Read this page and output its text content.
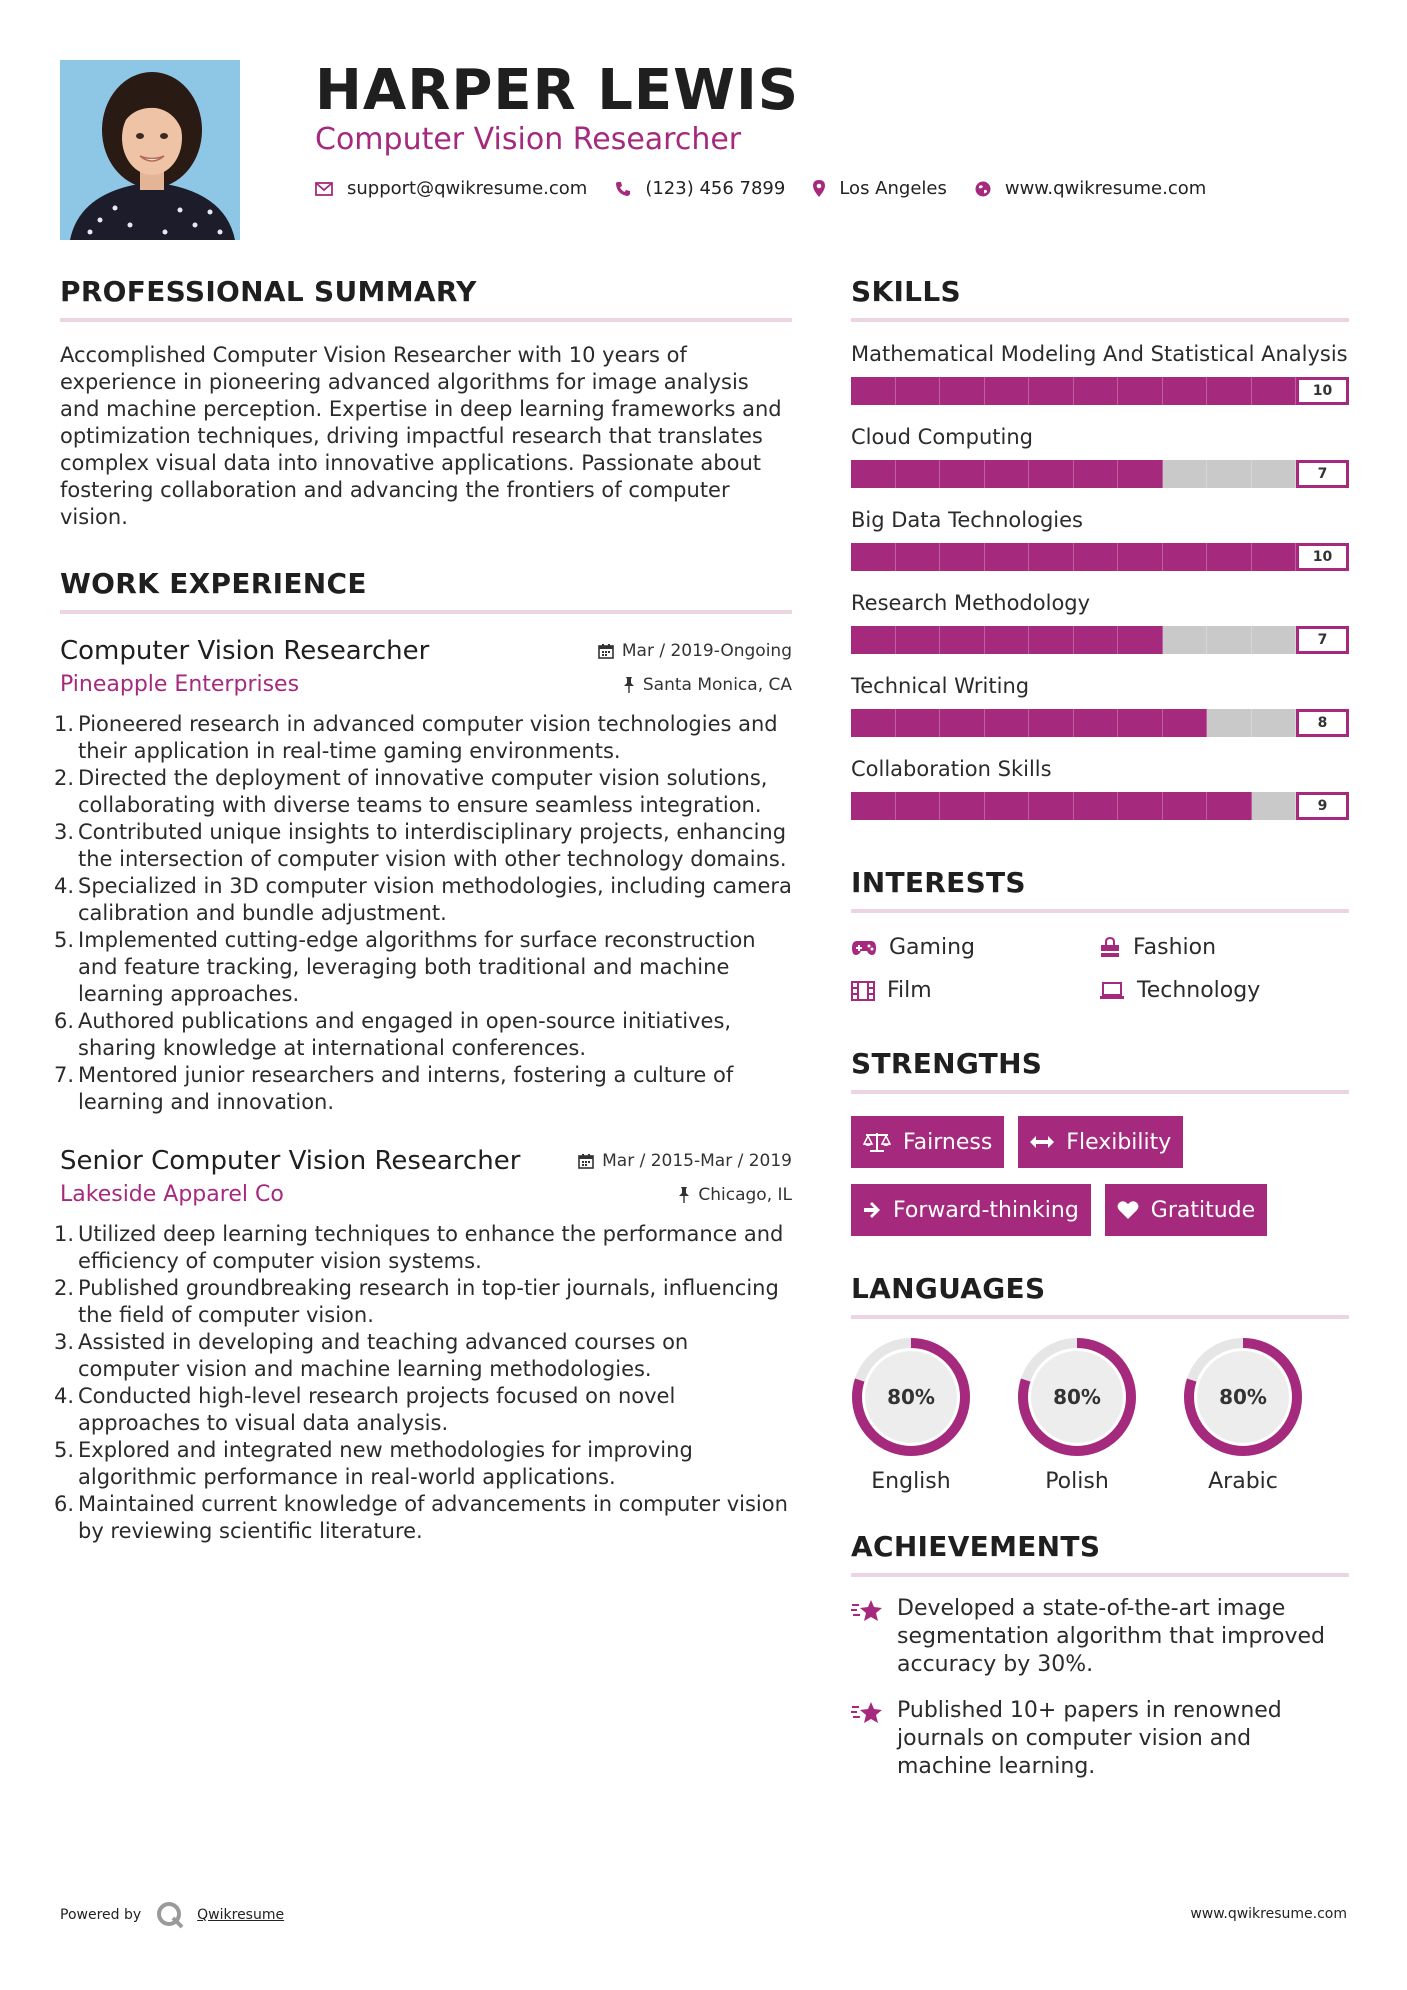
HARPER LEWIS
Computer Vision Researcher
support@qwikresume.com	(123) 456 7899	Los Angeles	www.qwikresume.com
PROFESSIONAL SUMMARY

Accomplished Computer Vision Researcher with 10 years of experience in pioneering advanced algorithms for image analysis and machine perception. Expertise in deep learning frameworks and optimization techniques, driving impactful research that translates complex visual data into innovative applications. Passionate about fostering collaboration and advancing the frontiers of computer vision.

WORK EXPERIENCE
Computer Vision Researcher	Mar / 2019-Ongoing
Pineapple Enterprises	Santa Monica, CA
Pioneered research in advanced computer vision technologies and their application in real-time gaming environments.
Directed the deployment of innovative computer vision solutions, collaborating with diverse teams to ensure seamless integration.
Contributed unique insights to interdisciplinary projects, enhancing the intersection of computer vision with other technology domains.
Specialized in 3D computer vision methodologies, including camera calibration and bundle adjustment.
Implemented cutting-edge algorithms for surface reconstruction and feature tracking, leveraging both traditional and machine learning approaches.
Authored publications and engaged in open-source initiatives, sharing knowledge at international conferences.
Mentored junior researchers and interns, fostering a culture of learning and innovation.
Senior Computer Vision Researcher	Mar / 2015-Mar / 2019
Lakeside Apparel Co	Chicago, IL
Utilized deep learning techniques to enhance the performance and efficiency of computer vision systems.
Published groundbreaking research in top-tier journals, influencing the field of computer vision.
Assisted in developing and teaching advanced courses on computer vision and machine learning methodologies.
Conducted high-level research projects focused on novel approaches to visual data analysis.
Explored and integrated new methodologies for improving algorithmic performance in real-world applications.
Maintained current knowledge of advancements in computer vision by reviewing scientific literature.
SKILLS
Mathematical Modeling And Statistical Analysis
10
Cloud Computing
7
Big Data Technologies
10
Research Methodology
7
Technical Writing
8
Collaboration Skills
9
INTERESTS
Gaming	Fashion
Film	Technology
STRENGTHS
Fairness	Flexibility
Forward-thinking	Gratitude
LANGUAGES
80%
English
80%
Polish
80%
Arabic
ACHIEVEMENTS
Developed a state-of-the-art image segmentation algorithm that improved accuracy by 30%.
Published 10+ papers in renowned journals on computer vision and machine learning.
Powered by	Qwikresume	www.qwikresume.com
